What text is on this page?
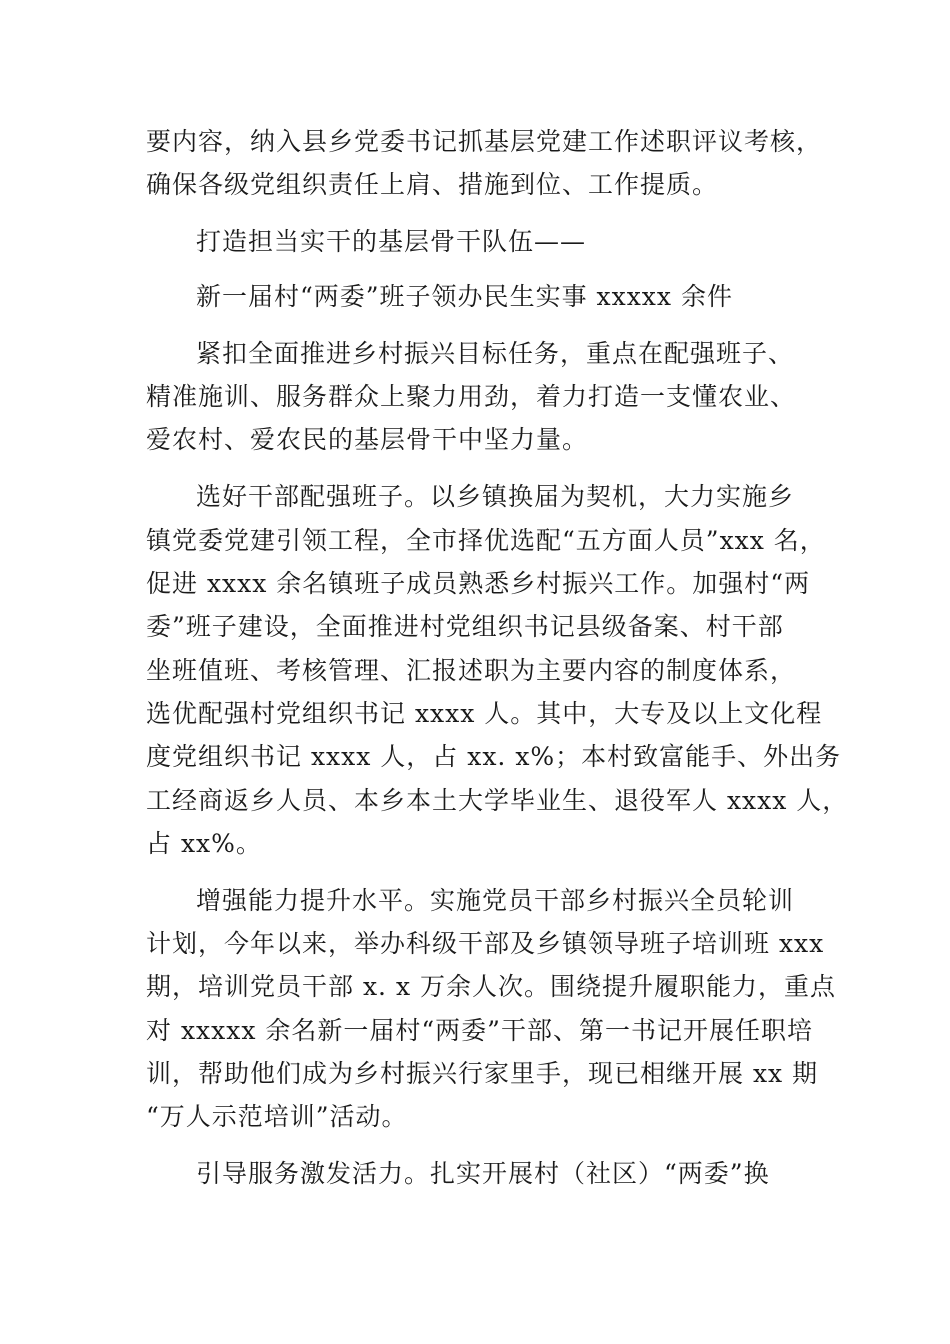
要内容，纳入县乡党委书记抓基层党建工作述职评议考核，
确保各级党组织责任上肩、措施到位、工作提质。
打造担当实干的基层骨干队伍——
新一届村“两委”班子领办民生实事 xxxxx 余件
紧扣全面推进乡村振兴目标任务，重点在配强班子、
精准施训、服务群众上聚力用劲，着力打造一支懂农业、
爱农村、爱农民的基层骨干中坚力量。
选好干部配强班子。以乡镇换届为契机，大力实施乡
镇党委党建引领工程，全市择优选配“五方面人员”xxx 名，
促进 xxxx 余名镇班子成员熟悉乡村振兴工作。加强村“两
委”班子建设，全面推进村党组织书记县级备案、村干部
坐班值班、考核管理、汇报述职为主要内容的制度体系，
选优配强村党组织书记 xxxx 人。其中，大专及以上文化程
度党组织书记 xxxx 人，占 xx. x%；本村致富能手、外出务
工经商返乡人员、本乡本土大学毕业生、退役军人 xxxx 人，
占 xx%。
增强能力提升水平。实施党员干部乡村振兴全员轮训
计划，今年以来，举办科级干部及乡镇领导班子培训班 xxx
期，培训党员干部 x. x 万余人次。围绕提升履职能力，重点
对 xxxxx 余名新一届村“两委”干部、第一书记开展任职培
训，帮助他们成为乡村振兴行家里手，现已相继开展 xx 期
“万人示范培训”活动。
引导服务激发活力。扎实开展村（社区）“两委”换
